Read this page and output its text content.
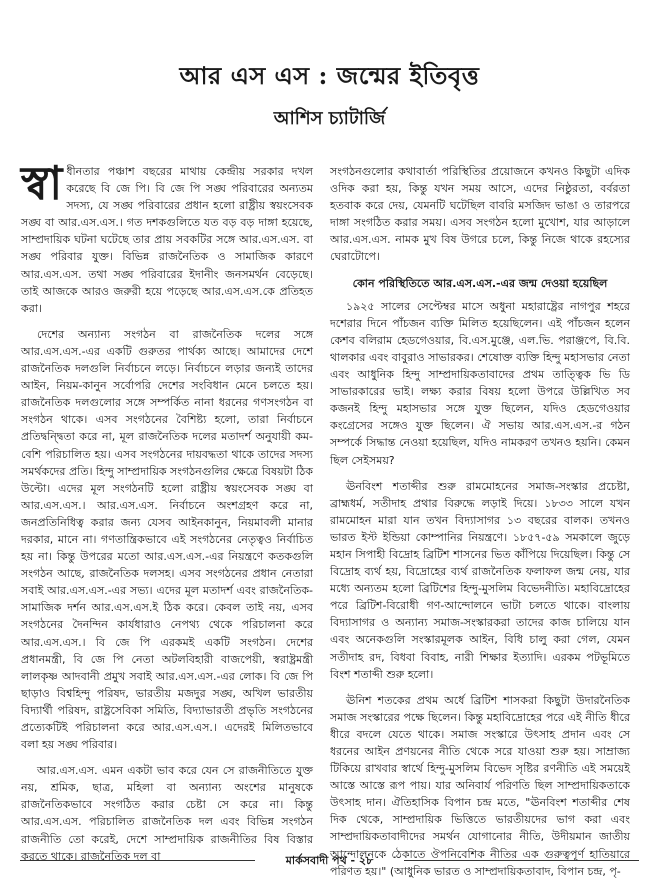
আর এস এস : জন্মের ইতিবৃত্ত
আশিস চ্যাটার্জি

স্বা ধীনতার পঞ্চাশ বছরের মাথায় কেন্দ্রীয় সরকার দখল করেছে বি জে পি। বি জে পি সঙ্ঘ পরিবারের অন্যতম সদস্য, যে সঙ্ঘ পরিবারের প্রধান হলো রাষ্ট্রীয় স্বয়ংসেবক সঙ্ঘ বা আর.এস.এস.। গত দশকগুলিতে যত বড় বড় দাঙ্গা হয়েছে, সাম্প্রদায়িক ঘটনা ঘটেছে তার প্রায় সবকটির সঙ্গে আর.এস.এস. বা সঙ্ঘ পরিবার যুক্ত। বিভিন্ন রাজনৈতিক ও সামাজিক কারণে আর.এস.এস. তথা সঙ্ঘ পরিবারের ইদানীং জনসমর্থন বেড়েছে। তাই আজকে আরও জরুরী হয়ে পড়েছে আর.এস.এস.কে প্রতিহত করা।

দেশের অন্যান্য সংগঠন বা রাজনৈতিক দলের সঙ্গে আর.এস.এস.-এর একটি গুরুতর পার্থক্য আছে। আমাদের দেশে রাজনৈতিক দলগুলি নির্বাচনে লড়ে। নির্বাচনে লড়ার জন্যই তাদের আইন, নিয়ম-কানুন সর্বোপরি দেশের সংবিধান মেনে চলতে হয়। রাজনৈতিক দলগুলোর সঙ্গে সম্পর্কিত নানা ধরনের গণসংগঠন বা সংগঠন থাকে। এসব সংগঠনের বৈশিষ্ট্য হলো, তারা নির্বাচনে প্রতিদ্বন্দ্বিতা করে না, মূল রাজনৈতিক দলের মতাদর্শ অনুযায়ী কম-বেশি পরিচালিত হয়। এসব সংগঠনের দায়বদ্ধতা থাকে তাদের সদস্য সমর্থকদের প্রতি। হিন্দু সাম্প্রদায়িক সংগঠনগুলির ক্ষেত্রে বিষয়টা ঠিক উল্টো। এদের মূল সংগঠনটি হলো রাষ্ট্রীয় স্বয়ংসেবক সঙ্ঘ বা আর.এস.এস.। আর.এস.এস. নির্বাচনে অংশগ্রহণ করে না, জনপ্রতিনিধিত্ব করার জন্য যেসব আইনকানুন, নিয়মাবলী মানার দরকার, মানে না। গণতান্ত্রিকভাবে এই সংগঠনের নেতৃত্বও নির্বাচিত হয় না। কিন্তু উপরের মতো আর.এস.এস.-এর নিয়ন্ত্রণে কতকগুলি সংগঠন আছে, রাজনৈতিক দলসহ। এসব সংগঠনের প্রধান নেতারা সবাই আর.এস.এস.-এর সভ্য। এদের মূল মতাদর্শ এবং রাজনৈতিক-সামাজিক দর্শন আর.এস.এস.ই ঠিক করে। কেবল তাই নয়, এসব সংগঠনের দৈনন্দিন কার্যধারাও নেপথ্য থেকে পরিচালনা করে আর.এস.এস.। বি জে পি এরকমই একটি সংগঠন। দেশের প্রধানমন্ত্রী, বি জে পি নেতা অটলবিহারী বাজপেয়ী, স্বরাষ্ট্রমন্ত্রী লালকৃষ্ণ আদবানী প্রমুখ সবাই আর.এস.এস.-এর লোক। বি জে পি ছাড়াও বিশ্বহিন্দু পরিষদ, ভারতীয় মজদুর সঙ্ঘ, অখিল ভারতীয় বিদ্যার্থী পরিষদ, রাষ্ট্রসেবিকা সমিতি, বিদ্যাভারতী প্রভৃতি সংগঠনের প্রত্যেকটিই পরিচালনা করে আর.এস.এস.। এদেরই মিলিতভাবে বলা হয় সঙ্ঘ পরিবার।

আর.এস.এস. এমন একটা ভাব করে যেন সে রাজনীতিতে যুক্ত নয়, শ্রমিক, ছাত্র, মহিলা বা অন্যান্য অংশের মানুষকে রাজনৈতিকভাবে সংগঠিত করার চেষ্টা সে করে না। কিন্তু আর.এস.এস. পরিচালিত রাজনৈতিক দল এবং বিভিন্ন সংগঠন রাজনীতি তো করেই, দেশে সাম্প্রদায়িক রাজনীতির বিষ বিস্তার করতে থাকে। রাজনৈতিক দল বা

সংগঠনগুলোর কথাবার্তা পরিস্থিতির প্রয়োজনে কখনও কিছুটা এদিক ওদিক করা হয়, কিন্তু যখন সময় আসে, এদের নিষ্ঠুরতা, বর্বরতা হতবাক করে দেয়, যেমনটি ঘটেছিল বাবরি মসজিদ ভাঙা ও তারপরে দাঙ্গা সংগঠিত করার সময়। এসব সংগঠন হলো মুখোশ, যার আড়ালে আর.এস.এস. নামক মুখ বিষ উগরে চলে, কিন্তু নিজে থাকে রহস্যের ঘেরাটোপে।

কোন পরিস্থিতিতে আর.এস.এস.-এর জন্ম দেওয়া হয়েছিল

১৯২৫ সালের সেপ্টেম্বর মাসে অধুনা মহারাষ্ট্রের নাগপুর শহরে দশেরার দিনে পাঁচজন ব্যক্তি মিলিত হয়েছিলেন। এই পাঁচজন হলেন কেশব বলিরাম হেডগেওয়ার, বি.এস.মুঞ্জে, এল.ভি. পরাঞ্জপে, বি.বি. থালকার এবং বাবুরাও সাভারকর। শেষোক্ত ব্যক্তি হিন্দু মহাসভার নেতা এবং আধুনিক হিন্দু সাম্প্রদায়িকতাবাদের প্রথম তাত্ত্বিক ভি ডি সাভারকারের ভাই। লক্ষ্য করার বিষয় হলো উপরে উল্লিখিত সব কজনই হিন্দু মহাসভার সঙ্গে যুক্ত ছিলেন, যদিও হেডগেওয়ার কংগ্রেসের সঙ্গেও যুক্ত ছিলেন। ঐ সভায় আর.এস.এস.-র গঠন সম্পর্কে সিদ্ধান্ত নেওয়া হয়েছিল, যদিও নামকরণ তখনও হয়নি। কেমন ছিল সেইসময়?

ঊনবিংশ শতাব্দীর শুরু রামমোহনের সমাজ-সংস্কার প্রচেষ্টা, ব্রাহ্মধর্ম, সতীদাহ প্রথার বিরুদ্ধে লড়াই দিয়ে। ১৮৩৩ সালে যখন রামমোহন মারা যান তখন বিদ্যাসাগর ১৩ বছরের বালক। তখনও ভারত ইস্ট ইন্ডিয়া কোম্পানির নিয়ন্ত্রণে। ১৮৫৭-৫৯ সমকালে জুড়ে মহান সিপাহী বিদ্রোহ ব্রিটিশ শাসনের ভিত কাঁপিয়ে দিয়েছিল। কিন্তু সে বিদ্রোহ ব্যর্থ হয়, বিদ্রোহের ব্যর্থ রাজনৈতিক ফলাফল জন্ম নেয়, যার মধ্যে অন্যতম হলো ব্রিটিশের হিন্দু-মুসলিম বিভেদনীতি। মহাবিদ্রোহের পরে ব্রিটিশ-বিরোধী গণ-আন্দোলনে ভাটা চলতে থাকে। বাংলায় বিদ্যাসাগর ও অন্যান্য সমাজ-সংস্কারকরা তাদের কাজ চালিয়ে যান এবং অনেকগুলি সংস্কারমূলক আইন, বিধি চালু করা গেল, যেমন সতীদাহ রদ, বিধবা বিবাহ, নারী শিক্ষার ইত্যাদি। এরকম পটভূমিতে বিংশ শতাব্দী শুরু হলো।

ঊনিশ শতকের প্রথম অর্ধে ব্রিটিশ শাসকরা কিছুটা উদারনৈতিক সমাজ সংস্কারের পক্ষে ছিলেন। কিন্তু মহাবিদ্রোহের পরে এই নীতি ধীরে ধীরে বদলে যেতে থাকে। সমাজ সংস্কারে উৎসাহ প্রদান এবং সে ধরনের আইন প্রণয়নের নীতি থেকে সরে যাওয়া শুরু হয়। সাম্রাজ্য টিকিয়ে রাখবার স্বার্থে হিন্দু-মুসলিম বিভেদ সৃষ্টির রণনীতি এই সময়েই আস্তে আস্তে রূপ পায়। যার অনিবার্য পরিণতি ছিল সাম্প্রদায়িকতাকে উৎসাহ দান। ঐতিহাসিক বিপান চন্দ্র মতে, "ঊনবিংশ শতাব্দীর শেষ দিক থেকে, সাম্প্রদায়িক ভিত্তিতে ভারতীয়দের ভাগ করা এবং সাম্প্রদায়িকতাবাদীদের সমর্থন যোগানোর নীতি, উদীয়মান জাতীয় আন্দোলনকে ঠেকাতে ঔপনিবেশিক নীতির এক গুরুত্বপূর্ণ হাতিয়ারে পরিণত হয়।" (আধুনিক ভারত ও সাম্প্রদায়িকতাবাদ, বিপান চন্দ্র, পৃ-

মার্কসবাদী পথ - ২৮
